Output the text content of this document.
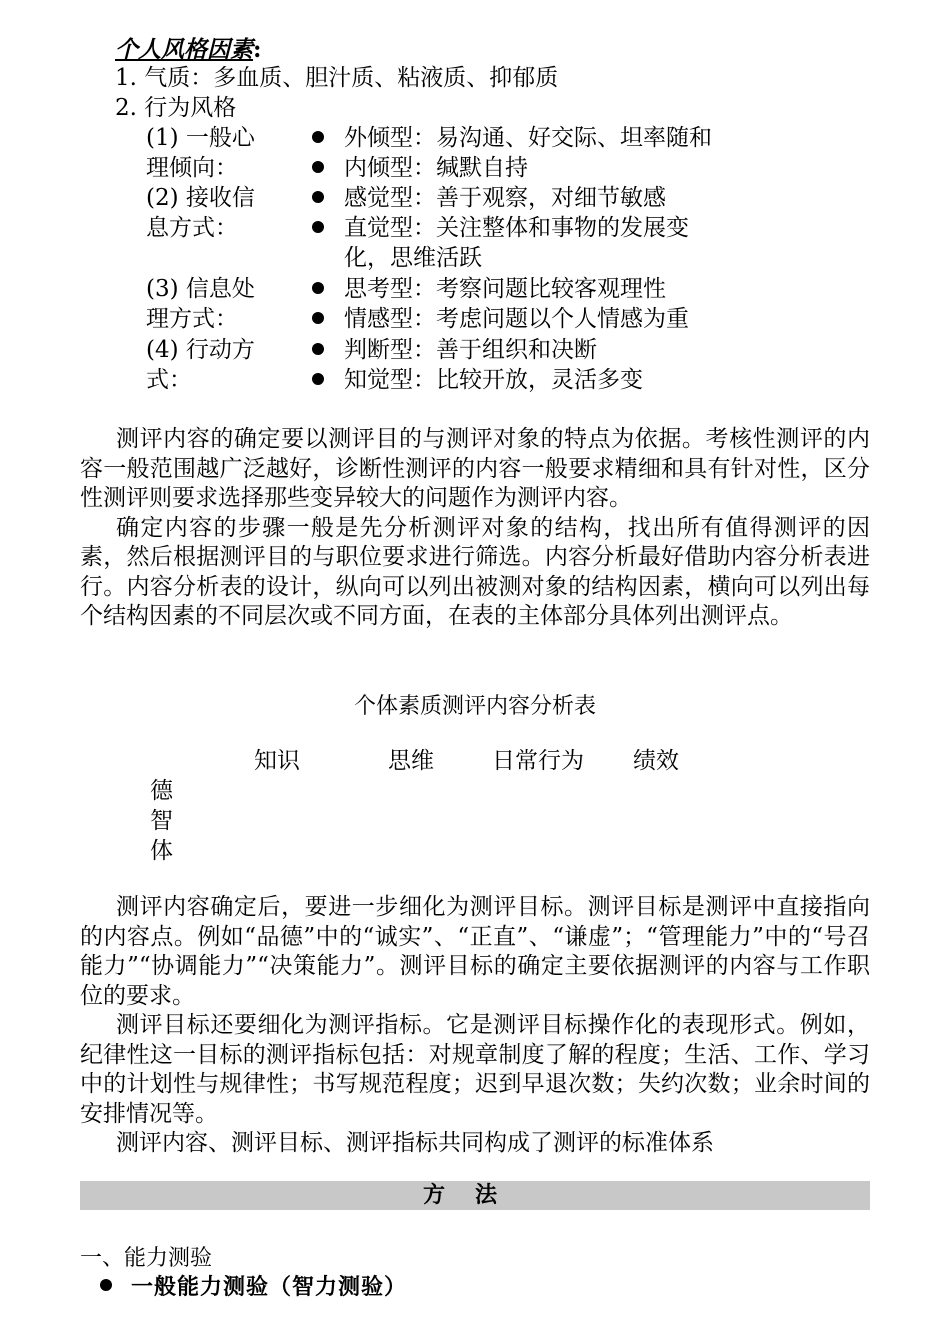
个人风格因素:
1. 气质：多血质、胆汁质、粘液质、抑郁质
2. 行为风格
(1) 一般心
理倾向：
外倾型：易沟通、好交际、坦率随和
内倾型：缄默自持
(2) 接收信
息方式：
感觉型：善于观察，对细节敏感
直觉型：关注整体和事物的发展变
化，思维活跃
(3) 信息处
理方式：
思考型：考察问题比较客观理性
情感型：考虑问题以个人情感为重
(4) 行动方
式：
判断型：善于组织和决断
知觉型：比较开放，灵活多变

测评内容的确定要以测评目的与测评对象的特点为依据。考核性测评的内容一般范围越广泛越好，诊断性测评的内容一般要求精细和具有针对性，区分性测评则要求选择那些变异较大的问题作为测评内容。

确定内容的步骤一般是先分析测评对象的结构，找出所有值得测评的因素，然后根据测评目的与职位要求进行筛选。内容分析最好借助内容分析表进行。内容分析表的设计，纵向可以列出被测对象的结构因素，横向可以列出每个结构因素的不同层次或不同方面，在表的主体部分具体列出测评点。

个体素质测评内容分析表
知识	思维	日常行为 绩效
德
智
体

测评内容确定后，要进一步细化为测评目标。测评目标是测评中直接指向的内容点。例如“品德”中的“诚实”、“正直”、“谦虚”；“管理能力”中的“号召能力”“协调能力”“决策能力”。测评目标的确定主要依据测评的内容与工作职位的要求。

测评目标还要细化为测评指标。它是测评目标操作化的表现形式。例如，纪律性这一目标的测评指标包括：对规章制度了解的程度；生活、工作、学习中的计划性与规律性；书写规范程度；迟到早退次数；失约次数；业余时间的安排情况等。

测评内容、测评目标、测评指标共同构成了测评的标准体系

方法
一、能力测验
一般能力测验（智力测验）
